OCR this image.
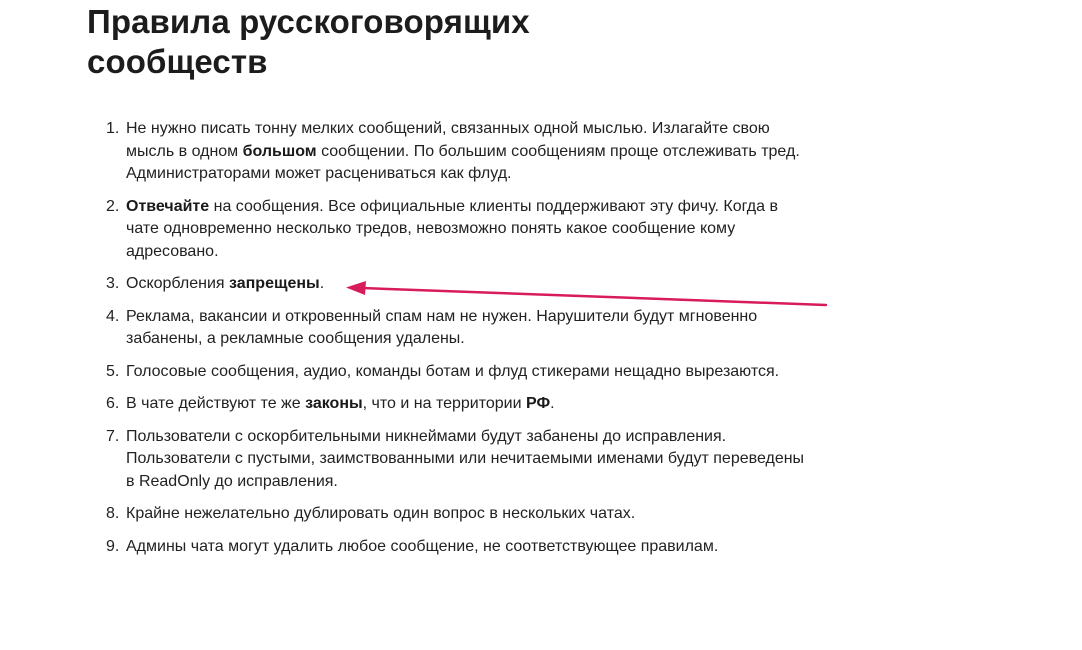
Правила русскоговорящих
сообществ
1. Не нужно писать тонну мелких сообщений, связанных одной мыслью. Излагайте свою мысль в одном большом сообщении. По большим сообщениям проще отслеживать тред. Администраторами может расцениваться как флуд.
2. Отвечайте на сообщения. Все официальные клиенты поддерживают эту фичу. Когда в чате одновременно несколько тредов, невозможно понять какое сообщение кому адресовано.
3. Оскорбления запрещены.
4. Реклама, вакансии и откровенный спам нам не нужен. Нарушители будут мгновенно забанены, а рекламные сообщения удалены.
5. Голосовые сообщения, аудио, команды ботам и флуд стикерами нещадно вырезаются.
6. В чате действуют те же законы, что и на территории РФ.
7. Пользователи с оскорбительными никнеймами будут забанены до исправления. Пользователи с пустыми, заимствованными или нечитаемыми именами будут переведены в ReadOnly до исправления.
8. Крайне нежелательно дублировать один вопрос в нескольких чатах.
9. Админы чата могут удалить любое сообщение, не соответствующее правилам.
